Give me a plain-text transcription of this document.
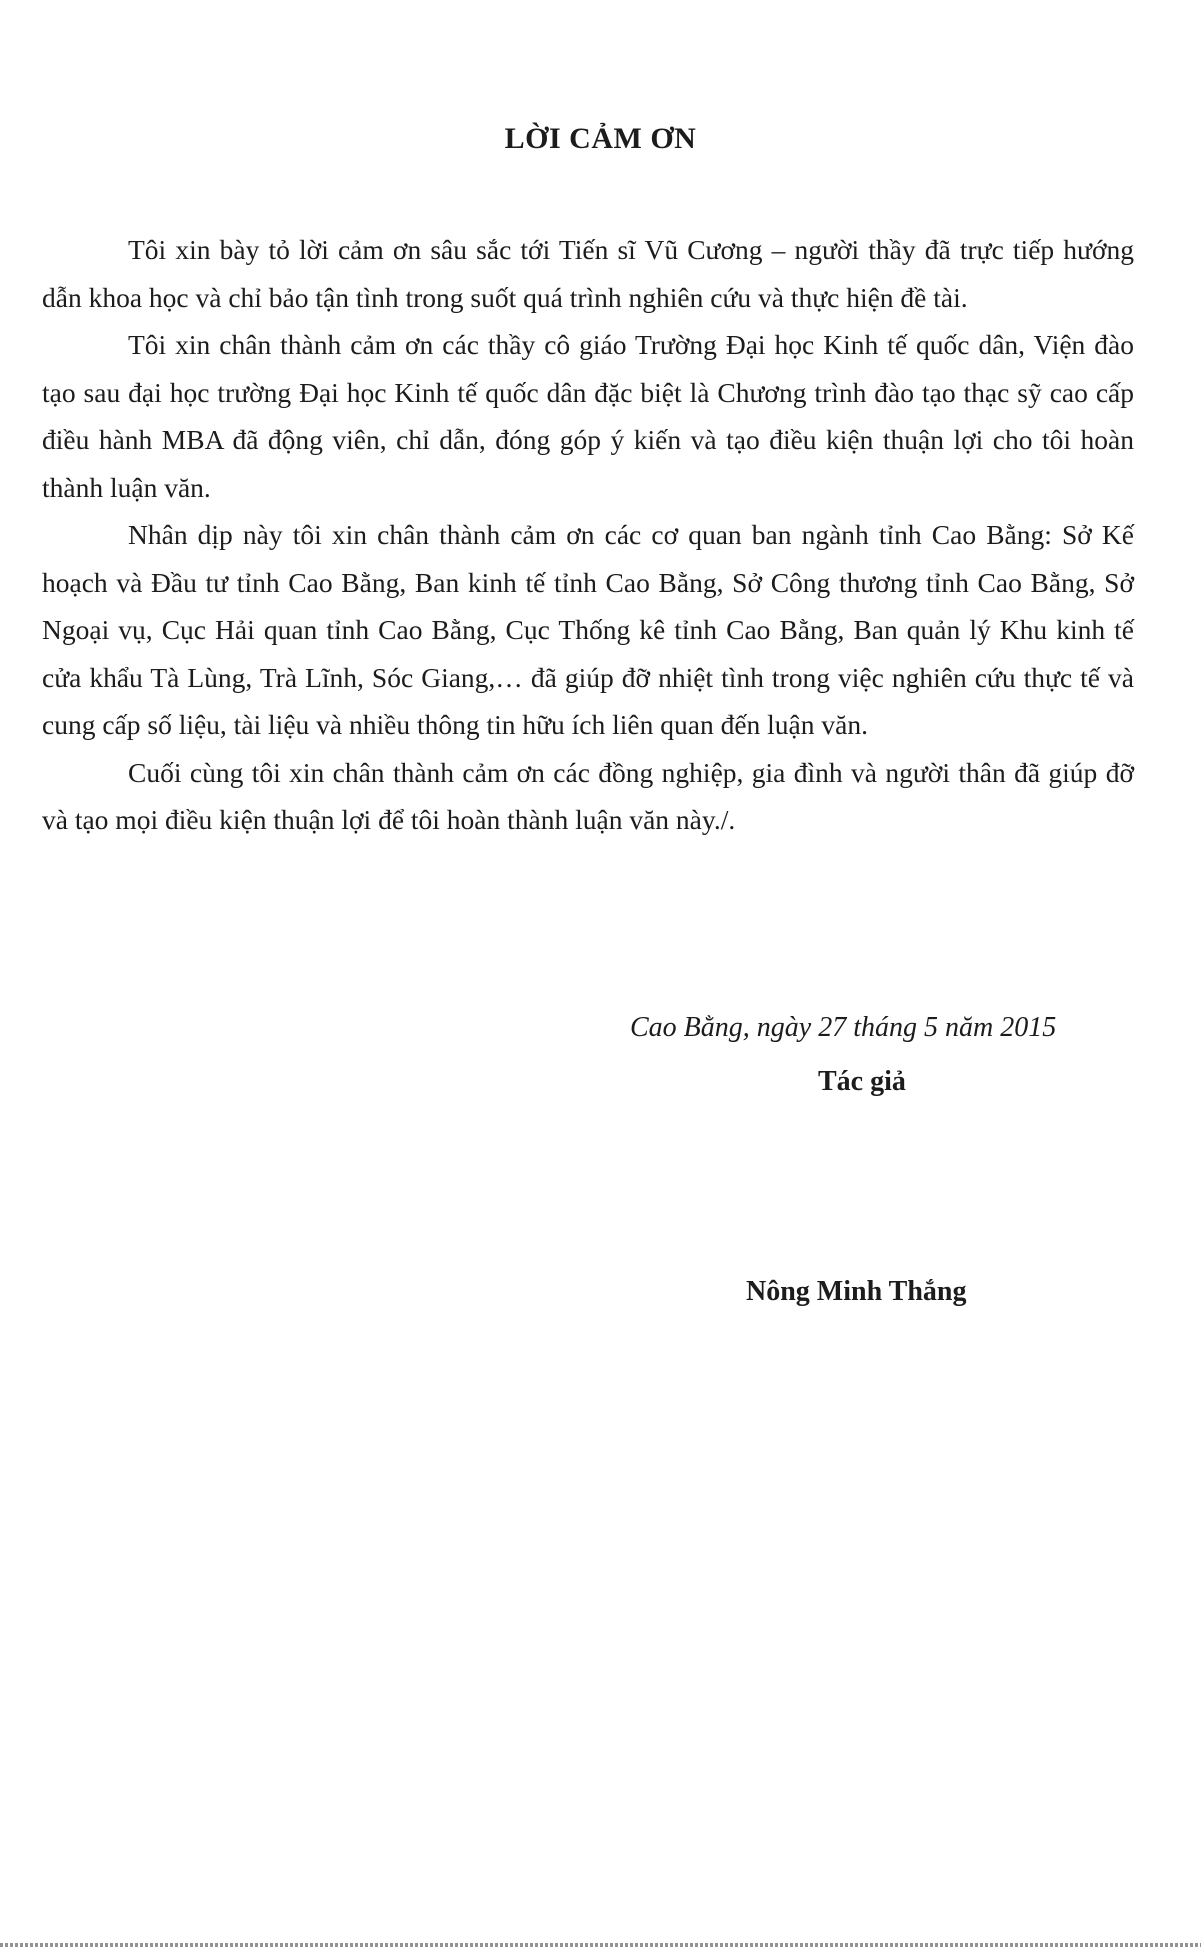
LỜI CẢM ƠN

Tôi xin bày tỏ lời cảm ơn sâu sắc tới Tiến sĩ Vũ Cương – người thầy đã trực tiếp hướng dẫn khoa học và chỉ bảo tận tình trong suốt quá trình nghiên cứu và thực hiện đề tài.

Tôi xin chân thành cảm ơn các thầy cô giáo Trường Đại học Kinh tế quốc dân, Viện đào tạo sau đại học trường Đại học Kinh tế quốc dân đặc biệt là Chương trình đào tạo thạc sỹ cao cấp điều hành MBA đã động viên, chỉ dẫn, đóng góp ý kiến và tạo điều kiện thuận lợi cho tôi hoàn thành luận văn.

Nhân dịp này tôi xin chân thành cảm ơn các cơ quan ban ngành tỉnh Cao Bằng: Sở Kế hoạch và Đầu tư tỉnh Cao Bằng, Ban kinh tế tỉnh Cao Bằng, Sở Công thương tỉnh Cao Bằng, Sở Ngoại vụ, Cục Hải quan tỉnh Cao Bằng, Cục Thống kê tỉnh Cao Bằng, Ban quản lý Khu kinh tế cửa khẩu Tà Lùng, Trà Lĩnh, Sóc Giang,… đã giúp đỡ nhiệt tình trong việc nghiên cứu thực tế và cung cấp số liệu, tài liệu và nhiều thông tin hữu ích liên quan đến luận văn.

Cuối cùng tôi xin chân thành cảm ơn các đồng nghiệp, gia đình và người thân đã giúp đỡ và tạo mọi điều kiện thuận lợi để tôi hoàn thành luận văn này./.

Cao Bằng, ngày 27 tháng 5 năm 2015

Tác giả

Nông Minh Thắng
